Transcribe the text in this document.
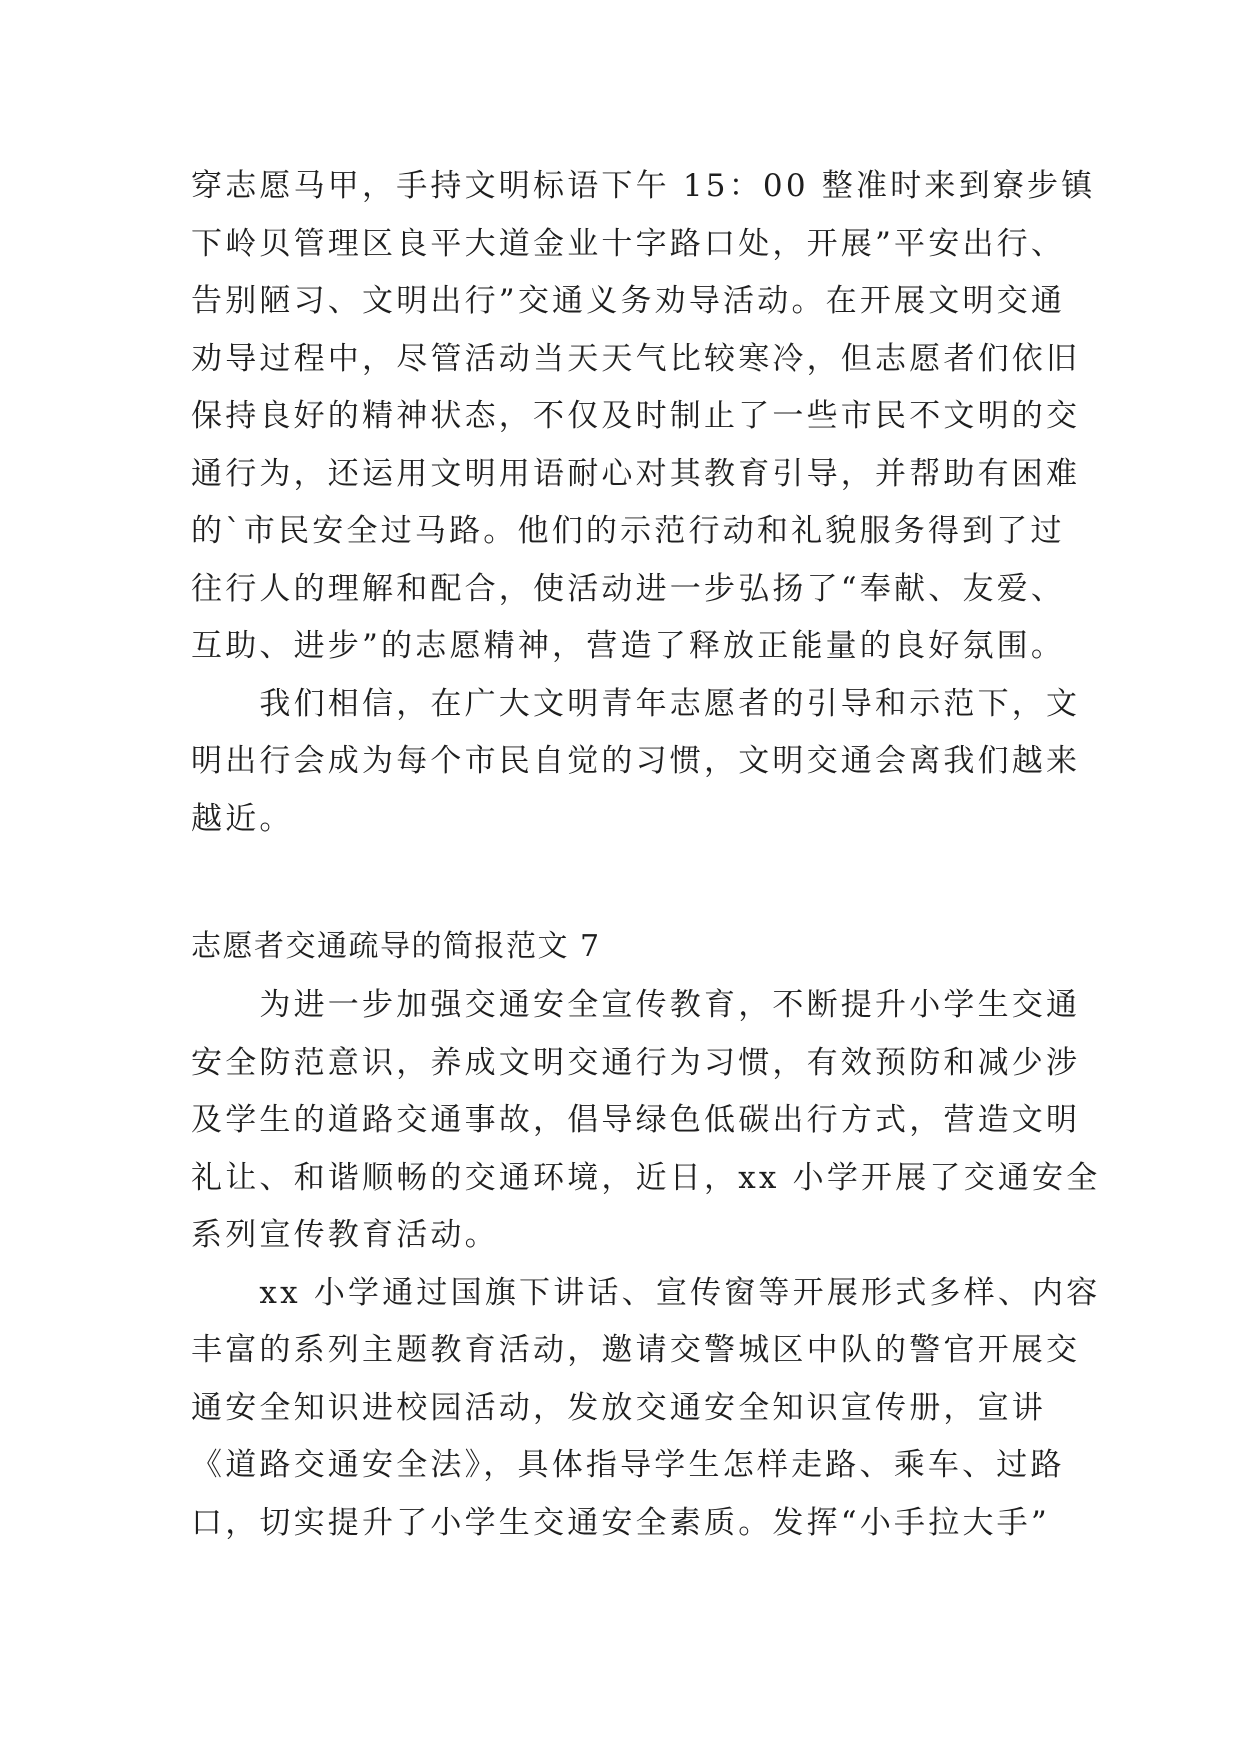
穿志愿马甲，手持文明标语下午 15：00 整准时来到寮步镇
下岭贝管理区良平大道金业十字路口处，开展”平安出行、
告别陋习、文明出行”交通义务劝导活动。在开展文明交通
劝导过程中，尽管活动当天天气比较寒冷，但志愿者们依旧
保持良好的精神状态，不仅及时制止了一些市民不文明的交
通行为，还运用文明用语耐心对其教育引导，并帮助有困难
的`市民安全过马路。他们的示范行动和礼貌服务得到了过
往行人的理解和配合，使活动进一步弘扬了“奉献、友爱、
互助、进步”的志愿精神，营造了释放正能量的良好氛围。
　　我们相信，在广大文明青年志愿者的引导和示范下，文
明出行会成为每个市民自觉的习惯，文明交通会离我们越来
越近。
志愿者交通疏导的简报范文 7
　　为进一步加强交通安全宣传教育，不断提升小学生交通
安全防范意识，养成文明交通行为习惯，有效预防和减少涉
及学生的道路交通事故，倡导绿色低碳出行方式，营造文明
礼让、和谐顺畅的交通环境，近日，xx 小学开展了交通安全
系列宣传教育活动。
　　xx 小学通过国旗下讲话、宣传窗等开展形式多样、内容
丰富的系列主题教育活动，邀请交警城区中队的警官开展交
通安全知识进校园活动，发放交通安全知识宣传册，宣讲
《道路交通安全法》，具体指导学生怎样走路、乘车、过路
口，切实提升了小学生交通安全素质。发挥“小手拉大手”
